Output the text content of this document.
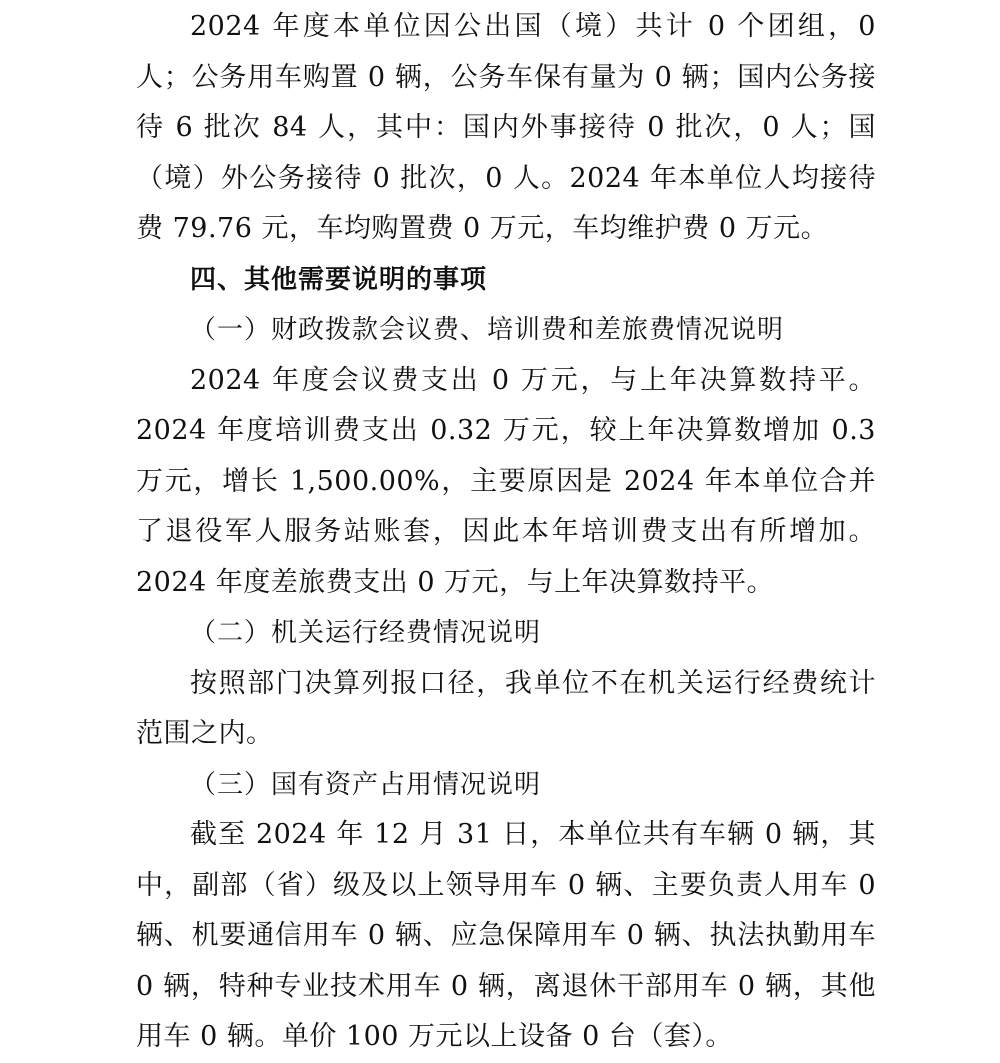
2024 年度本单位因公出国（境）共计 0 个团组，0 人；公务用车购置 0 辆，公务车保有量为 0 辆；国内公务接待 6 批次 84 人，其中：国内外事接待 0 批次，0 人；国（境）外公务接待 0 批次，0 人。2024 年本单位人均接待费 79.76 元，车均购置费 0 万元，车均维护费 0 万元。

四、其他需要说明的事项

（一）财政拨款会议费、培训费和差旅费情况说明

2024 年度会议费支出 0 万元，与上年决算数持平。2024 年度培训费支出 0.32 万元，较上年决算数增加 0.3 万元，增长 1,500.00%，主要原因是 2024 年本单位合并了退役军人服务站账套，因此本年培训费支出有所增加。2024 年度差旅费支出 0 万元，与上年决算数持平。

（二）机关运行经费情况说明

按照部门决算列报口径，我单位不在机关运行经费统计范围之内。

（三）国有资产占用情况说明

截至 2024 年 12 月 31 日，本单位共有车辆 0 辆，其中，副部（省）级及以上领导用车 0 辆、主要负责人用车 0 辆、机要通信用车 0 辆、应急保障用车 0 辆、执法执勤用车 0 辆，特种专业技术用车 0 辆，离退休干部用车 0 辆，其他用车 0 辆。单价 100 万元以上设备 0 台（套）。
